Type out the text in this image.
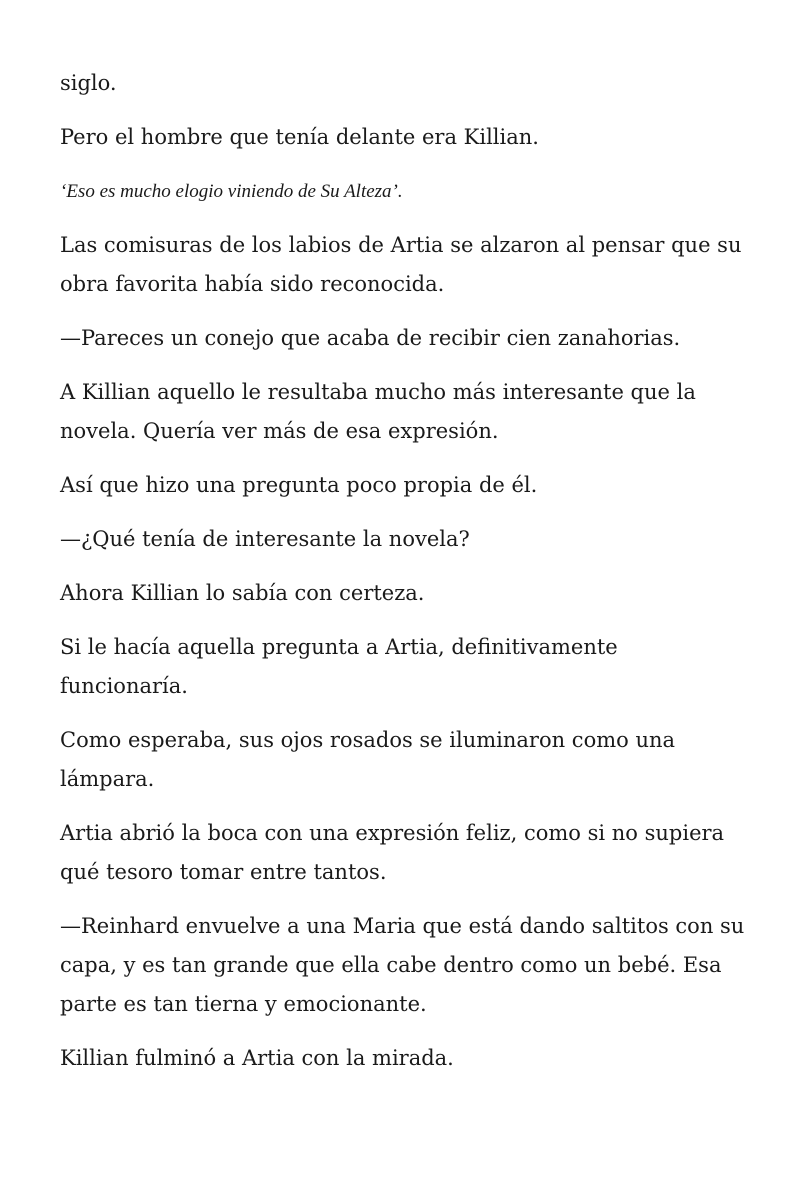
siglo.

Pero el hombre que tenía delante era Killian.

‘Eso es mucho elogio viniendo de Su Alteza’.

Las comisuras de los labios de Artia se alzaron al pensar que su obra favorita había sido reconocida.

—Pareces un conejo que acaba de recibir cien zanahorias.

A Killian aquello le resultaba mucho más interesante que la novela. Quería ver más de esa expresión.

Así que hizo una pregunta poco propia de él.

—¿Qué tenía de interesante la novela?

Ahora Killian lo sabía con certeza.

Si le hacía aquella pregunta a Artia, definitivamente funcionaría.

Como esperaba, sus ojos rosados se iluminaron como una lámpara.

Artia abrió la boca con una expresión feliz, como si no supiera qué tesoro tomar entre tantos.

—Reinhard envuelve a una Maria que está dando saltitos con su capa, y es tan grande que ella cabe dentro como un bebé. Esa parte es tan tierna y emocionante.

Killian fulminó a Artia con la mirada.
